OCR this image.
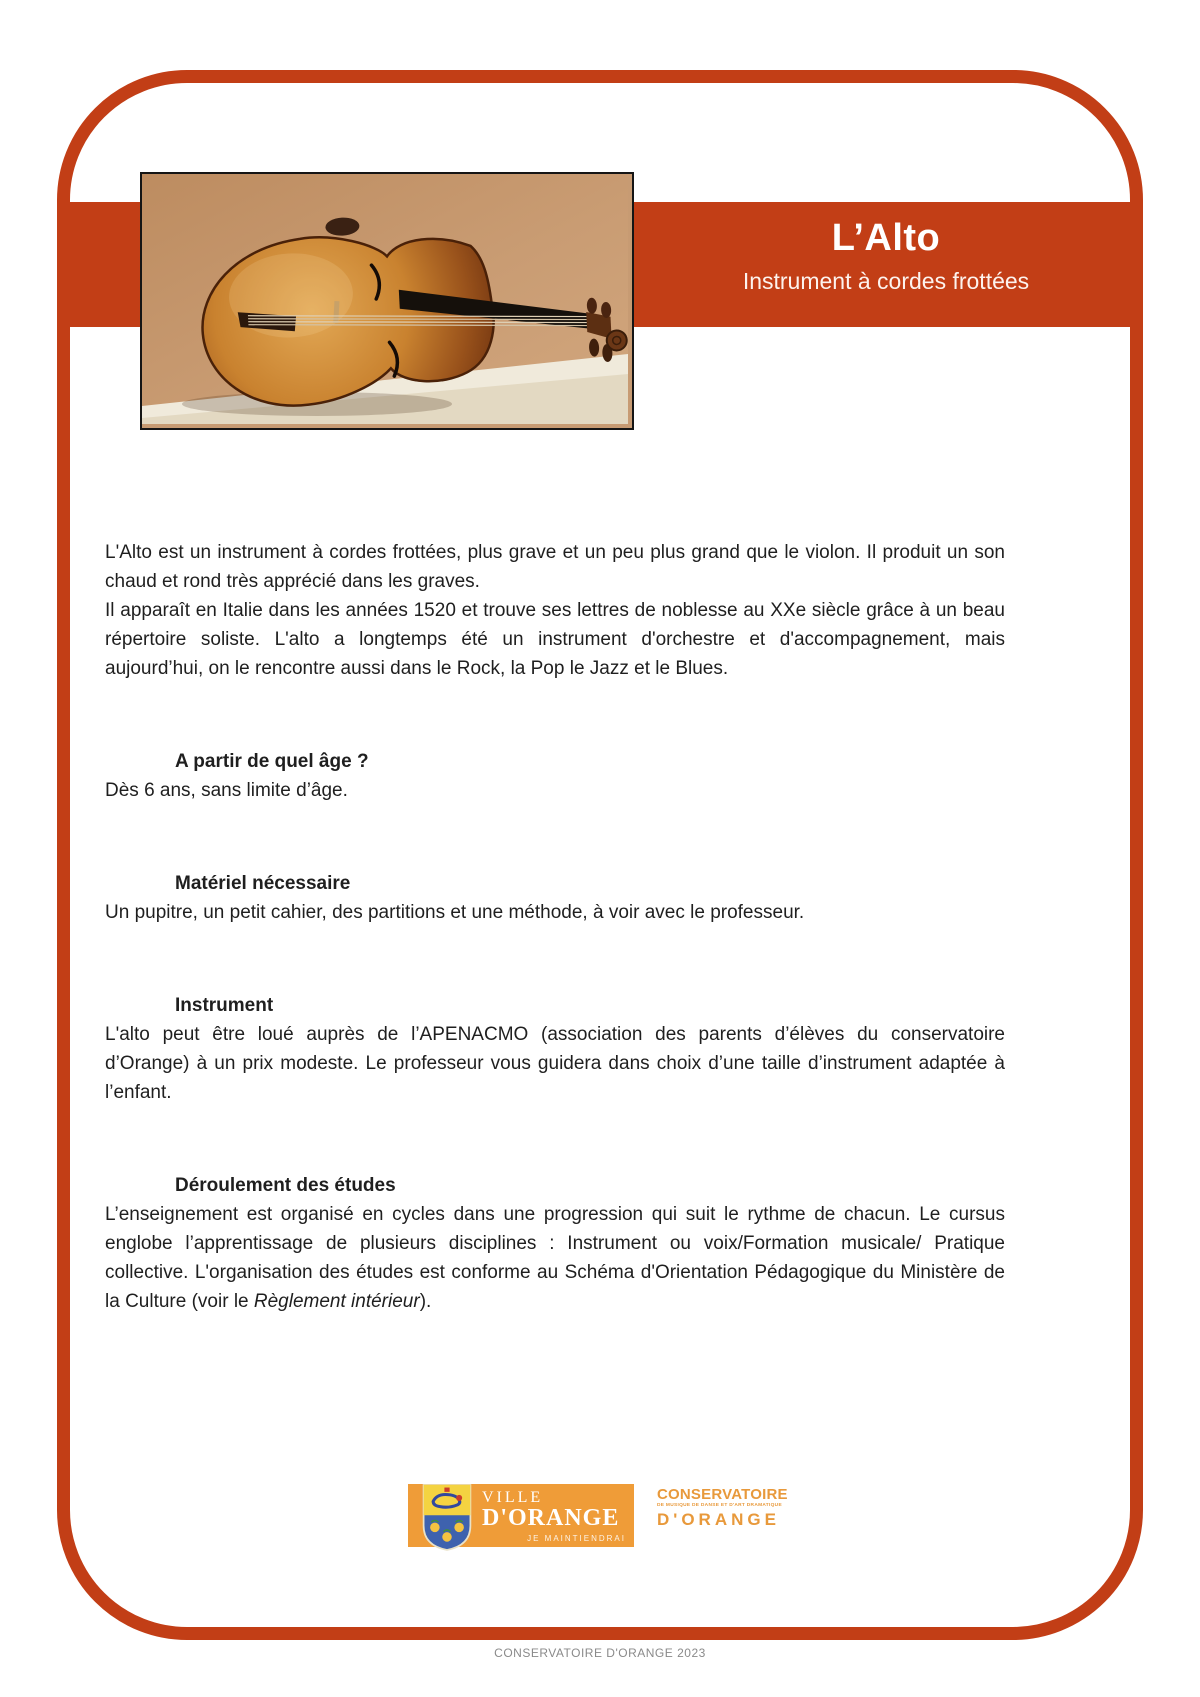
L’Alto
Instrument à cordes frottées

L'Alto est un instrument à cordes frottées, plus grave et un peu plus grand que le violon. Il produit un son chaud et rond très apprécié dans les graves.

Il apparaît en Italie dans les années 1520 et trouve ses lettres de noblesse au XXe siècle grâce à un beau répertoire soliste. L'alto a longtemps été un instrument d'orchestre et d'accompagnement, mais aujourd’hui, on le rencontre aussi dans le Rock, la Pop le Jazz et le Blues.

A partir de quel âge ?

Dès 6 ans, sans limite d’âge.

Matériel nécessaire

Un pupitre, un petit cahier, des partitions et une méthode, à voir avec le professeur.

Instrument

L'alto peut être loué auprès de l’APENACMO (association des parents d’élèves du conservatoire d’Orange) à un prix modeste. Le professeur vous guidera dans choix d’une taille d’instrument adaptée à l’enfant.

Déroulement des études

L’enseignement est organisé en cycles dans une progression qui suit le rythme de chacun. Le cursus englobe l’apprentissage de plusieurs disciplines : Instrument ou voix/Formation musicale/ Pratique collective. L'organisation des études est conforme au Schéma d'Orientation Pédagogique du Ministère de la Culture (voir le Règlement intérieur).

VILLE
D'ORANGE
JE MAINTIENDRAI
CONSERVATOIRE
DE MUSIQUE DE DANSE ET D'ART DRAMATIQUE
D'ORANGE
CONSERVATOIRE D'ORANGE 2023
